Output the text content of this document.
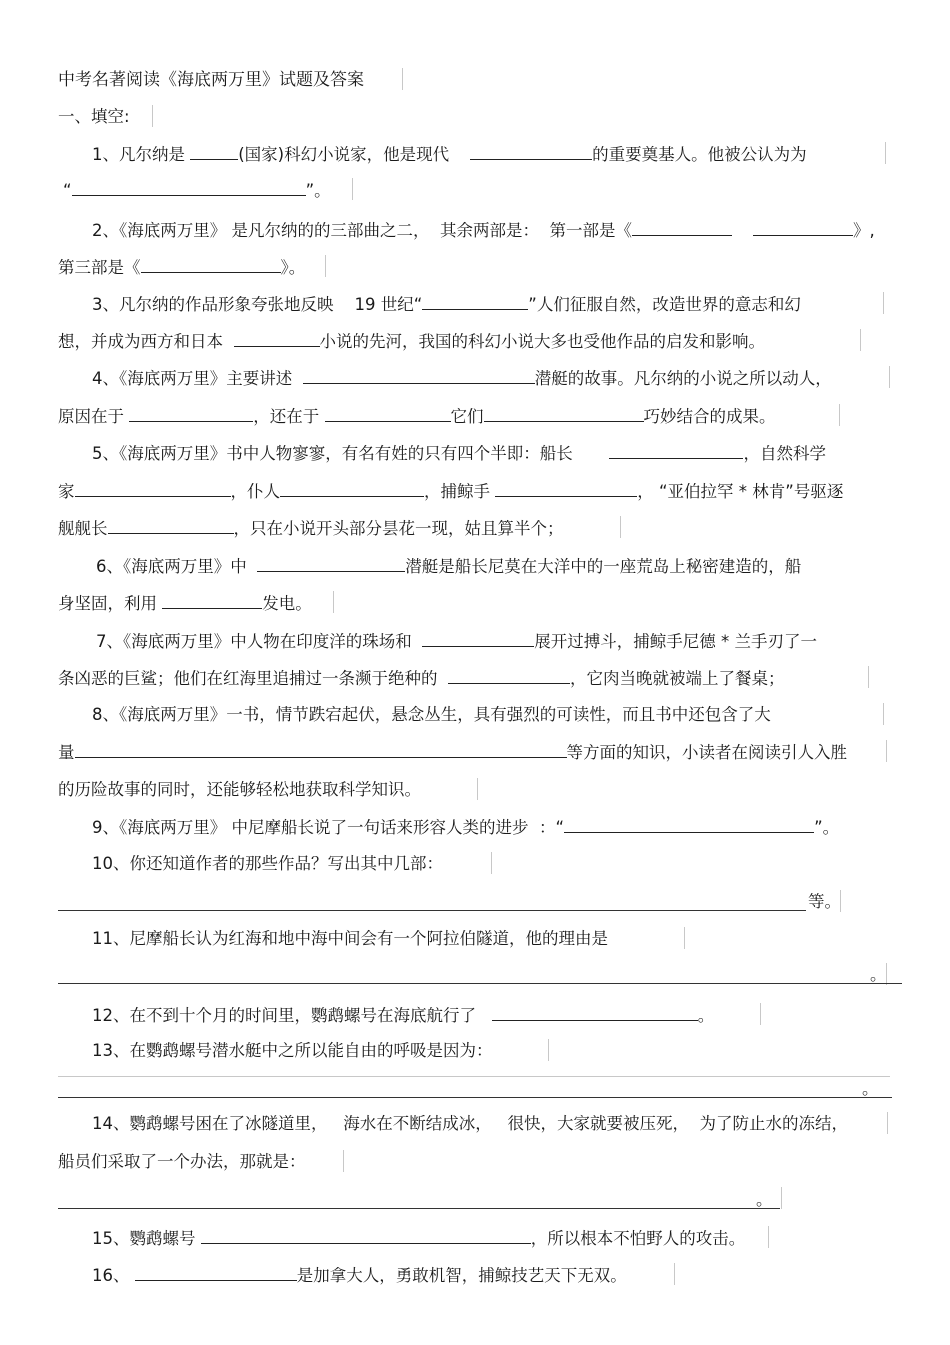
中考名著阅读《海底两万里》试题及答案
一、填空:
1、凡尔纳是	(国家)科幻小说家，他是现代	的重要奠基人。他被公认为为
“	”。
2、《海底两万里》 是凡尔纳的的三部曲之二， 其余两部是： 第一部是《	》,
第三部是《	》。
3、凡尔纳的作品形象夸张地反映 19 世纪“	”人们征服自然，改造世界的意志和幻
想，并成为西方和日本	小说的先河，我国的科幻小说大多也受他作品的启发和影响。
4、《海底两万里》主要讲述	潜艇的故事。凡尔纳的小说之所以动人，
原因在于	，还在于	它们	巧妙结合的成果。
5、《海底两万里》书中人物寥寥，有名有姓的只有四个半即：船长	，自然科学
家	，仆人	，捕鲸手	， “亚伯拉罕 * 林肯”号驱逐
舰舰长	，只在小说开头部分昙花一现，姑且算半个；
6、《海底两万里》中	潜艇是船长尼莫在大洋中的一座荒岛上秘密建造的，船
身坚固，利用	发电。
7、《海底两万里》中人物在印度洋的珠场和	展开过搏斗，捕鲸手尼德 * 兰手刃了一
条凶恶的巨鲨；他们在红海里追捕过一条濒于绝种的	，它肉当晚就被端上了餐桌；
8、《海底两万里》一书，情节跌宕起伏，悬念丛生，具有强烈的可读性，而且书中还包含了大
量	等方面的知识，小读者在阅读引人入胜
的历险故事的同时，还能够轻松地获取科学知识。
9、《海底两万里》 中尼摩船长说了一句话来形容人类的进步 ：“	”。
10、你还知道作者的那些作品？写出其中几部：
等。
11、尼摩船长认为红海和地中海中间会有一个阿拉伯隧道，他的理由是
。
12、在不到十个月的时间里，鹦鹉螺号在海底航行了	。
13、在鹦鹉螺号潜水艇中之所以能自由的呼吸是因为：
。
14、鹦鹉螺号困在了冰隧道里， 海水在不断结成冰， 很快，大家就要被压死， 为了防止水的冻结，
船员们采取了一个办法，那就是：
。
15、鹦鹉螺号	，所以根本不怕野人的攻击。
16、	是加拿大人，勇敢机智，捕鲸技艺天下无双。
